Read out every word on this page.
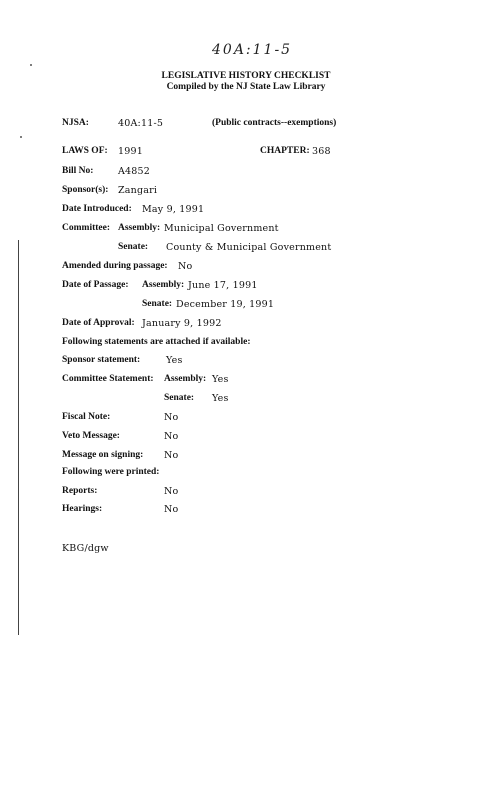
40A:11-5
LEGISLATIVE HISTORY CHECKLIST
Compiled by the NJ State Law Library
NJSA:	40A:11-5	(Public contracts--exemptions)
LAWS OF: 1991	CHAPTER: 368
Bill No:	A4852
Sponsor(s): Zangari
Date Introduced: May 9, 1991
Committee: Assembly: Municipal Government
Senate: County & Municipal Government
Amended during passage: No
Date of Passage: Assembly: June 17, 1991
Senate: December 19, 1991
Date of Approval: January 9, 1992
Following statements are attached if available:
Sponsor statement:	Yes
Committee Statement: Assembly: Yes
Senate: Yes
Fiscal Note:	No
Veto Message:	No
Message on signing: No
Following were printed:
Reports:	No
Hearings:	No
KBG/dgw
